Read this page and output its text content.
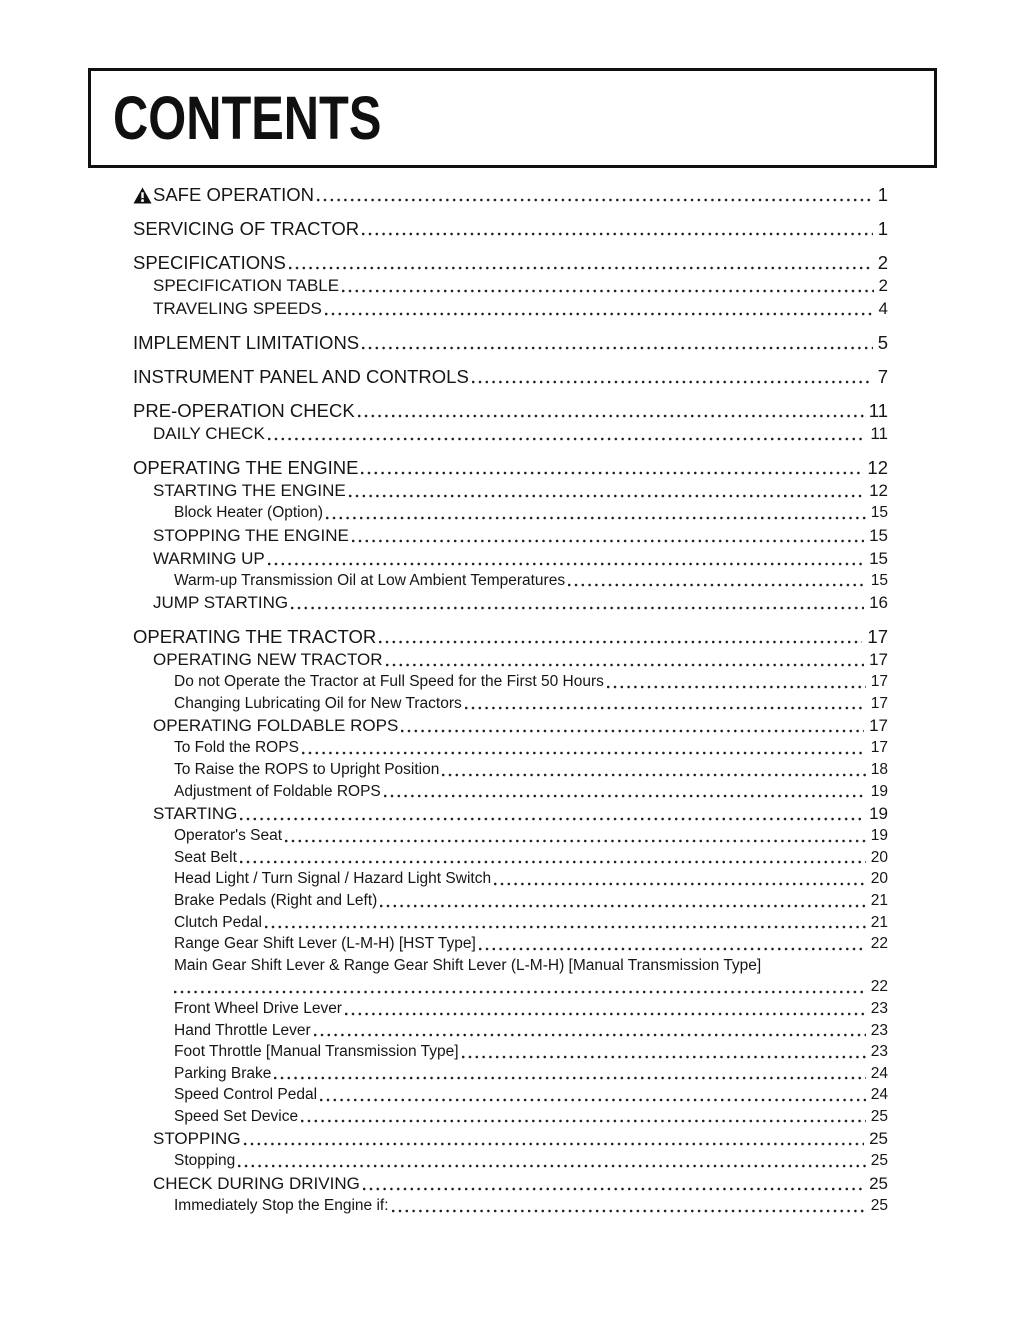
CONTENTS
SAFE OPERATION	1
SERVICING OF TRACTOR	1
SPECIFICATIONS	2
SPECIFICATION TABLE	2
TRAVELING SPEEDS	4
IMPLEMENT LIMITATIONS	5
INSTRUMENT PANEL AND CONTROLS	7
PRE-OPERATION CHECK	11
DAILY CHECK	11
OPERATING THE ENGINE	12
STARTING THE ENGINE	12
Block Heater (Option)	15
STOPPING THE ENGINE	15
WARMING UP	15
Warm-up Transmission Oil at Low Ambient Temperatures	15
JUMP STARTING	16
OPERATING THE TRACTOR	17
OPERATING NEW TRACTOR	17
Do not Operate the Tractor at Full Speed for the First 50 Hours	17
Changing Lubricating Oil for New Tractors	17
OPERATING FOLDABLE ROPS	17
To Fold the ROPS	17
To Raise the ROPS to Upright Position	18
Adjustment of Foldable ROPS	19
STARTING	19
Operator's Seat	19
Seat Belt	20
Head Light / Turn Signal / Hazard Light Switch	20
Brake Pedals (Right and Left)	21
Clutch Pedal	21
Range Gear Shift Lever (L-M-H) [HST Type]	22
Main Gear Shift Lever & Range Gear Shift Lever (L-M-H) [Manual Transmission Type]
22
Front Wheel Drive Lever	23
Hand Throttle Lever	23
Foot Throttle [Manual Transmission Type]	23
Parking Brake	24
Speed Control Pedal	24
Speed Set Device	25
STOPPING	25
Stopping	25
CHECK DURING DRIVING	25
Immediately Stop the Engine if:	25
